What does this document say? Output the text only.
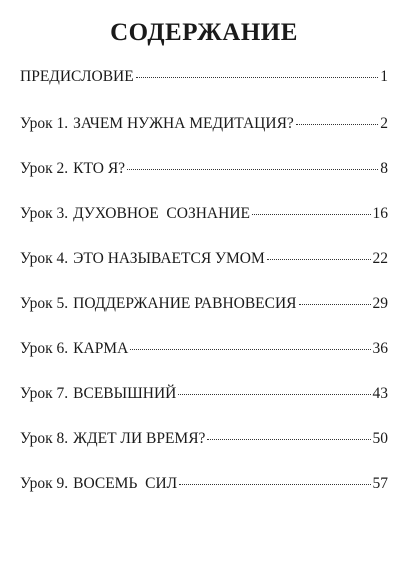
СОДЕРЖАНИЕ
ПРЕДИСЛОВИЕ	1
Урок 1. ЗАЧЕМ НУЖНА МЕДИТАЦИЯ?	2
Урок 2. КТО Я?	8
Урок 3. ДУХОВНОЕ  СОЗНАНИЕ	16
Урок 4. ЭТО НАЗЫВАЕТСЯ УМОМ	22
Урок 5. ПОДДЕРЖАНИЕ РАВНОВЕСИЯ	29
Урок 6. КАРМА	36
Урок 7. ВСЕВЫШНИЙ	43
Урок 8. ЖДЕТ ЛИ ВРЕМЯ?	50
Урок 9. ВОСЕМЬ  СИЛ	57
